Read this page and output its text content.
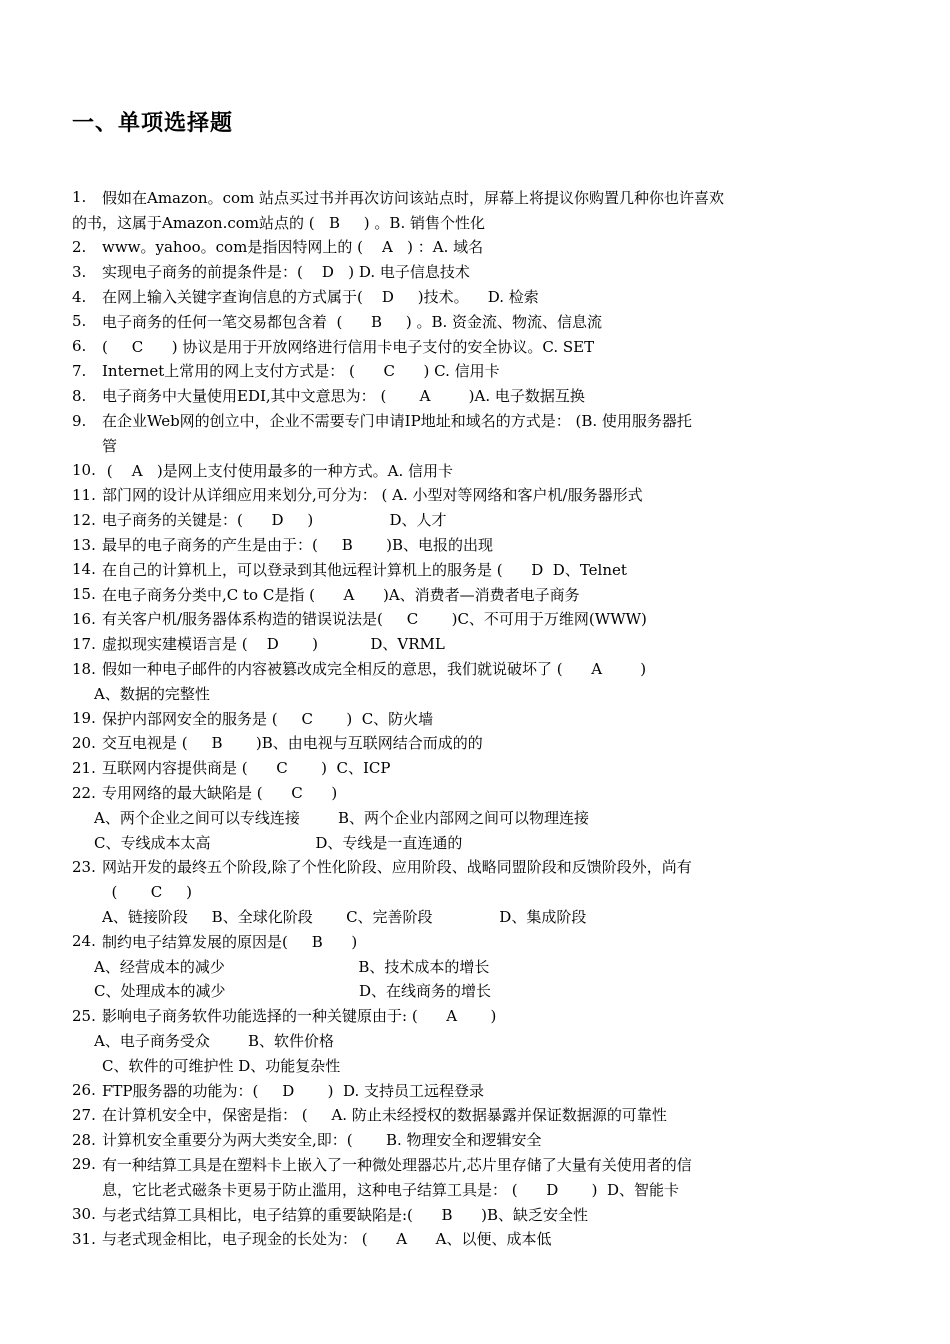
一、单项选择题
1.	假如在Amazon。com 站点买过书并再次访问该站点时，屏幕上将提议你购置几种你也许喜欢
的书，这属于Amazon.com站点的 (   B     ) 。B. 销售个性化
2.	www。yahoo。com是指因特网上的 (    A   ) ：A. 域名
3.	实现电子商务的前提条件是：(    D   ) D. 电子信息技术
4.	在网上输入关键字查询信息的方式属于(    D     )技术。    D. 检索
5.	电子商务的任何一笔交易都包含着  (      B     ) 。B. 资金流、物流、信息流
6.	(     C      ) 协议是用于开放网络进行信用卡电子支付的安全协议。C. SET
7.	Internet上常用的网上支付方式是： (      C      ) C. 信用卡
8.	电子商务中大量使用EDI,其中文意思为： (       A        )A. 电子数据互换
9.	在企业Web网的创立中，企业不需要专门申请IP地址和域名的方式是： (B. 使用服务器托
管
10. (    A   )是网上支付使用最多的一种方式。A. 信用卡
11. 部门网的设计从详细应用来划分,可分为： ( A. 小型对等网络和客户机/服务器形式
12. 电子商务的关键是：(      D     )                D、人才
13. 最早的电子商务的产生是由于：(     B       )B、电报的出现
14. 在自己的计算机上，可以登录到其他远程计算机上的服务是 (      D  D、Telnet
15. 在电子商务分类中,C to C是指 (      A      )A、消费者—消费者电子商务
16. 有关客户机/服务器体系构造的错误说法是(     C       )C、不可用于万维网(WWW)
17. 虚拟现实建模语言是 (    D       )           D、VRML
18. 假如一种电子邮件的内容被篡改成完全相反的意思，我们就说破坏了 (      A        )
A、数据的完整性
19. 保护内部网安全的服务是 (     C       )  C、防火墙
20. 交互电视是 (     B       )B、由电视与互联网结合而成的的
21. 互联网内容提供商是 (      C       )  C、ICP
22. 专用网络的最大缺陷是 (      C      )
A、两个企业之间可以专线连接        B、两个企业内部网之间可以物理连接
C、专线成本太高                      D、专线是一直连通的
23. 网站开发的最终五个阶段,除了个性化阶段、应用阶段、战略同盟阶段和反馈阶段外，尚有
(       C     )
A、链接阶段     B、全球化阶段       C、完善阶段              D、集成阶段
24. 制约电子结算发展的原因是(     B      )
A、经营成本的减少                            B、技术成本的增长
C、处理成本的减少                            D、在线商务的增长
25. 影响电子商务软件功能选择的一种关键原由于: (      A       )
A、电子商务受众        B、软件价格
C、软件的可维护性 D、功能复杂性
26. FTP服务器的功能为：(     D       )  D. 支持员工远程登录
27. 在计算机安全中，保密是指： (     A. 防止未经授权的数据暴露并保证数据源的可靠性
28. 计算机安全重要分为两大类安全,即：(       B. 物理安全和逻辑安全
29. 有一种结算工具是在塑料卡上嵌入了一种微处理器芯片,芯片里存储了大量有关使用者的信
息，它比老式磁条卡更易于防止滥用，这种电子结算工具是： (      D       )  D、智能卡
30. 与老式结算工具相比，电子结算的重要缺陷是:(      B      )B、缺乏安全性
31. 与老式现金相比，电子现金的长处为： (      A      A、以便、成本低
